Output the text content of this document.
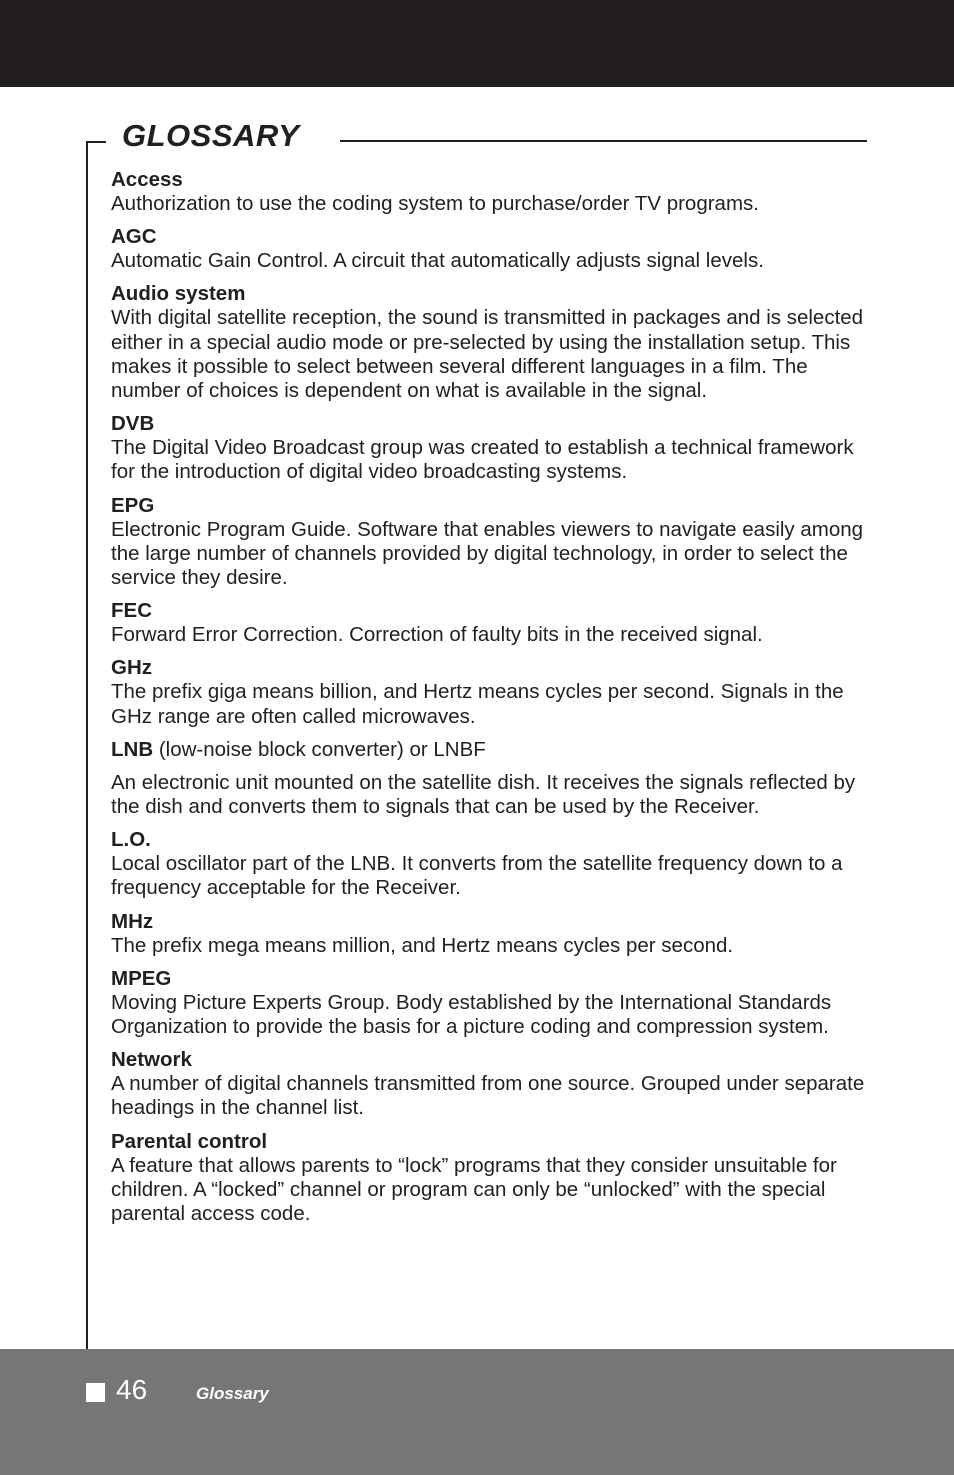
GLOSSARY
Access
Authorization to use the coding system to purchase/order TV programs.
AGC
Automatic Gain Control. A circuit that automatically adjusts signal levels.
Audio system
With digital satellite reception, the sound is transmitted in packages and is selected either in a special audio mode or pre-selected by using the installation setup. This makes it possible to select between several different languages in a film. The number of choices is dependent on what is available in the signal.
DVB
The Digital Video Broadcast group was created to establish a technical framework for the introduction of digital video broadcasting systems.
EPG
Electronic Program Guide. Software that enables viewers to navigate easily among the large number of channels provided by digital technology, in order to select the service they desire.
FEC
Forward Error Correction. Correction of faulty bits in the received signal.
GHz
The prefix giga means billion, and Hertz means cycles per second. Signals in the GHz range are often called microwaves.
LNB (low-noise block converter) or LNBF
An electronic unit mounted on the satellite dish. It receives the signals reflected by the dish and converts them to signals that can be used by the Receiver.
L.O.
Local oscillator part of the LNB. It converts from the satellite frequency down to a frequency acceptable for the Receiver.
MHz
The prefix mega means million, and Hertz means cycles per second.
MPEG
Moving Picture Experts Group. Body established by the International Standards Organization to provide the basis for a picture coding and compression system.
Network
A number of digital channels transmitted from one source. Grouped under separate headings in the channel list.
Parental control
A feature that allows parents to “lock” programs that they consider unsuitable for children. A “locked” channel or program can only be “unlocked” with the special parental access code.
46	Glossary
